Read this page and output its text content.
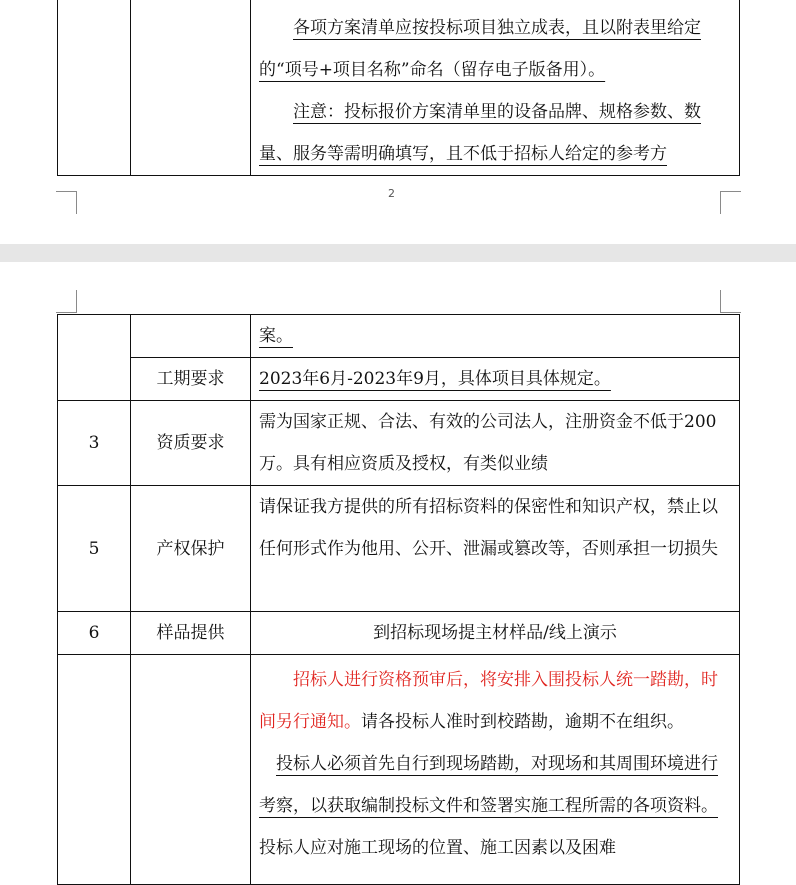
各项方案清单应按投标项目独立成表，且以附表里给定的“项号+项目名称”命名（留存电子版备用）。
注意：投标报价方案清单里的设备品牌、规格参数、数量、服务等需明确填写，且不低于招标人给定的参考方
2

		案。

	工期要求	2023年6月-2023年9月，具体项目具体规定。

3	资质要求	需为国家正规、合法、有效的公司法人，注册资金不低于200万。具有相应资质及授权，有类似业绩

5	产权保护	请保证我方提供的所有招标资料的保密性和知识产权，禁止以任何形式作为他用、公开、泄漏或篡改等，否则承担一切损失

6	样品提供	到招标现场提主材样品/线上演示

		招标人进行资格预审后，将安排入围投标人统一踏勘，时间另行通知。请各投标人准时到校踏勘，逾期不在组织。
投标人必须首先自行到现场踏勘，对现场和其周围环境进行考察，以获取编制投标文件和签署实施工程所需的各项资料。投标人应对施工现场的位置、施工因素以及困难
